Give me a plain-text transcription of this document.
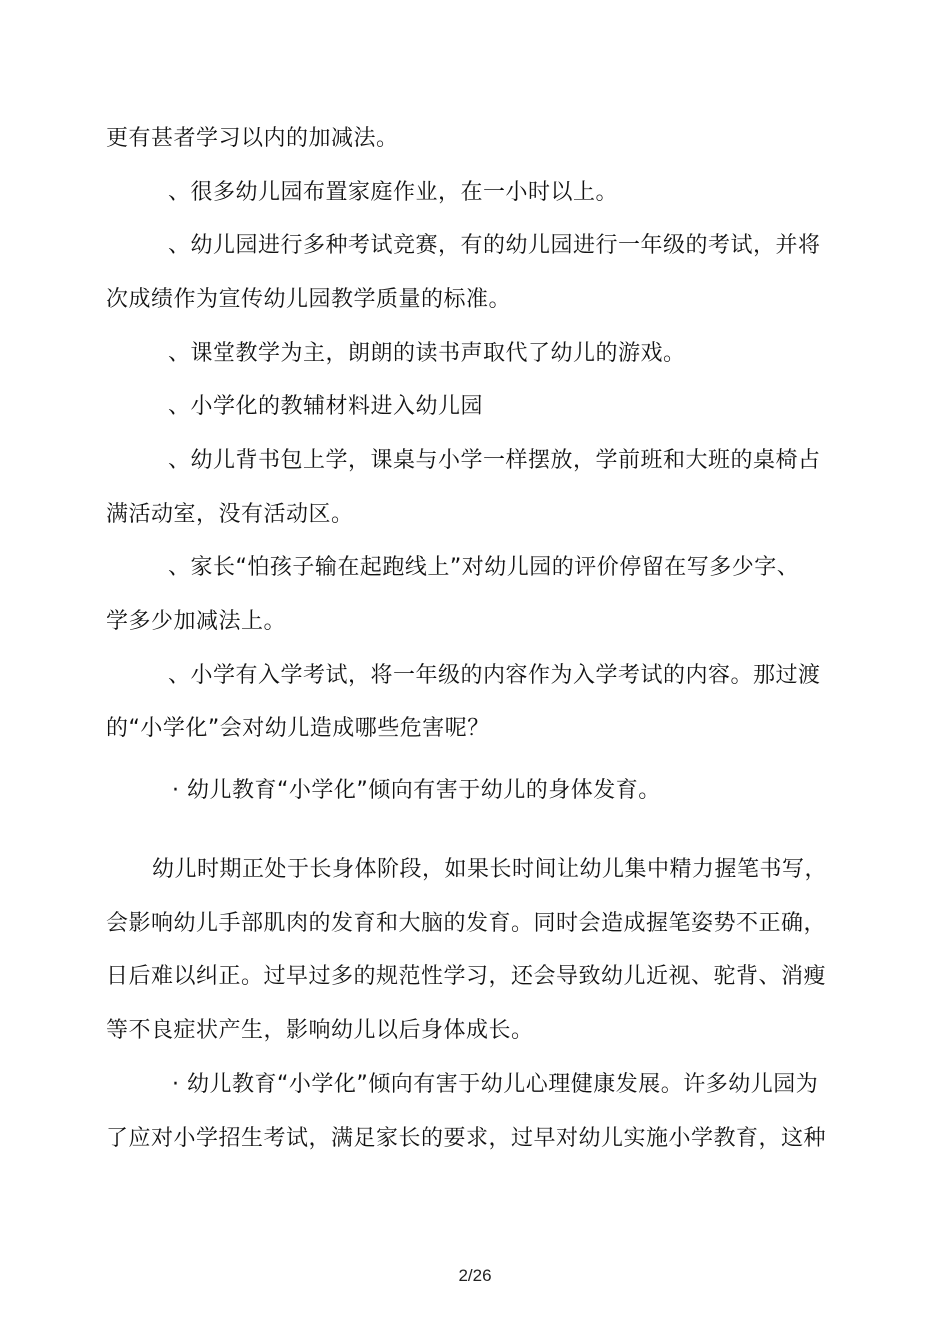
更有甚者学习以内的加减法。
、很多幼儿园布置家庭作业，在一小时以上。
、幼儿园进行多种考试竞赛，有的幼儿园进行一年级的考试，并将
次成绩作为宣传幼儿园教学质量的标准。
、课堂教学为主，朗朗的读书声取代了幼儿的游戏。
、小学化的教辅材料进入幼儿园
、幼儿背书包上学，课桌与小学一样摆放，学前班和大班的桌椅占
满活动室，没有活动区。
、家长“怕孩子输在起跑线上”对幼儿园的评价停留在写多少字、
学多少加减法上。
、小学有入学考试，将一年级的内容作为入学考试的内容。那过渡
的“小学化”会对幼儿造成哪些危害呢？
· 幼儿教育“小学化”倾向有害于幼儿的身体发育。
幼儿时期正处于长身体阶段，如果长时间让幼儿集中精力握笔书写，
会影响幼儿手部肌肉的发育和大脑的发育。同时会造成握笔姿势不正确，
日后难以纠正。过早过多的规范性学习，还会导致幼儿近视、驼背、消瘦
等不良症状产生，影响幼儿以后身体成长。
· 幼儿教育“小学化”倾向有害于幼儿心理健康发展。许多幼儿园为
了应对小学招生考试，满足家长的要求，过早对幼儿实施小学教育，这种
2/26
